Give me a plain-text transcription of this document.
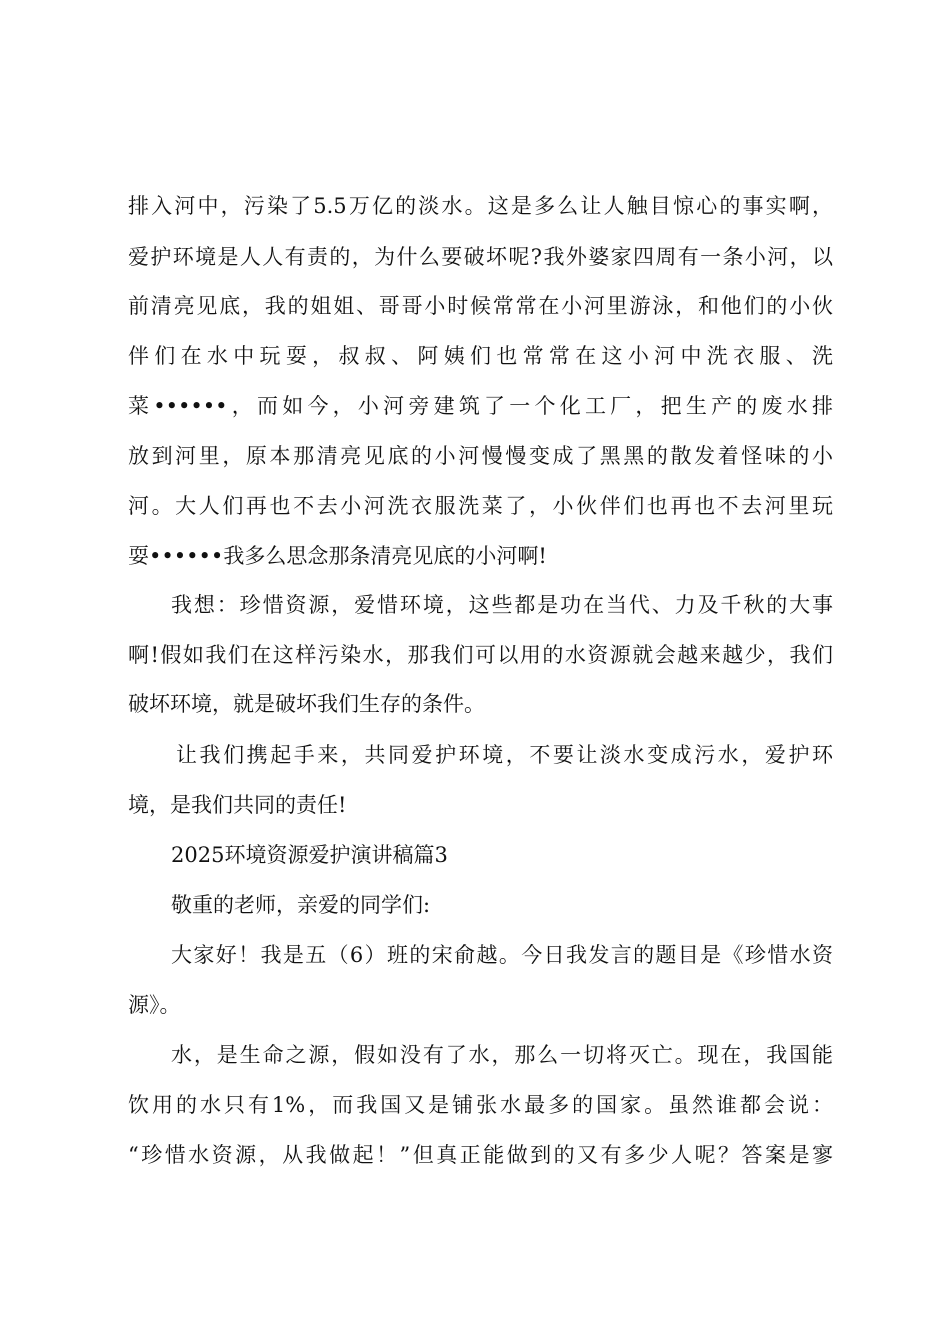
排入河中，污染了5.5万亿的淡水。这是多么让人触目惊心的事实啊，
爱护环境是人人有责的，为什么要破坏呢?我外婆家四周有一条小河，以
前清亮见底，我的姐姐、哥哥小时候常常在小河里游泳，和他们的小伙
伴们在水中玩耍，叔叔、阿姨们也常常在这小河中洗衣服、洗
菜••••••，而如今，小河旁建筑了一个化工厂，把生产的废水排
放到河里，原本那清亮见底的小河慢慢变成了黑黑的散发着怪味的小
河。大人们再也不去小河洗衣服洗菜了，小伙伴们也再也不去河里玩
耍••••••我多么思念那条清亮见底的小河啊!
我想：珍惜资源，爱惜环境，这些都是功在当代、力及千秋的大事
啊!假如我们在这样污染水，那我们可以用的水资源就会越来越少，我们
破坏环境，就是破坏我们生存的条件。
让我们携起手来，共同爱护环境，不要让淡水变成污水，爱护环
境，是我们共同的责任!
2025环境资源爱护演讲稿篇3
敬重的老师，亲爱的同学们:
大家好！我是五（6）班的宋俞越。今日我发言的题目是《珍惜水资
源》。
水，是生命之源，假如没有了水，那么一切将灭亡。现在，我国能
饮用的水只有1%，而我国又是铺张水最多的国家。虽然谁都会说：
“珍惜水资源，从我做起！”但真正能做到的又有多少人呢？答案是寥
